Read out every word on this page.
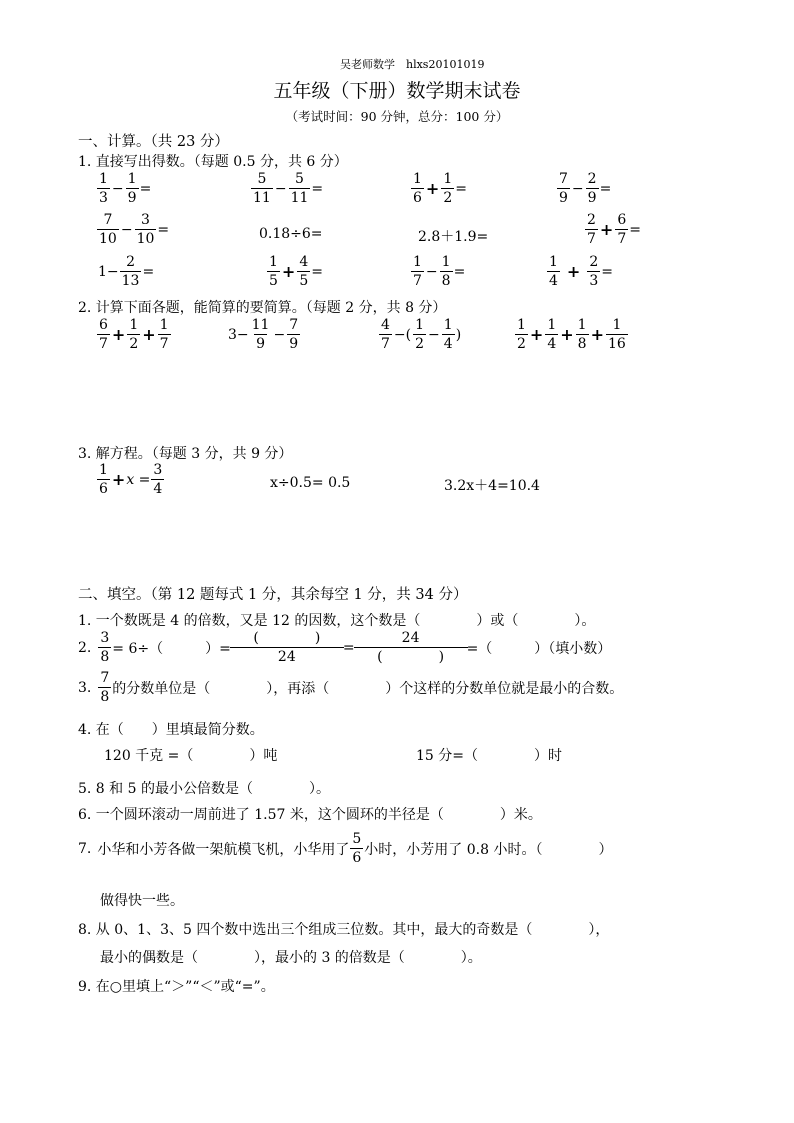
吴老师数学　hlxs20101019
五年级（下册）数学期末试卷
（考试时间：90 分钟，总分：100 分）
一、计算。（共 23 分）
1. 直接写出得数。（每题 0.5 分，共 6 分）
$\frac{1}{3} - \frac{1}{9}$ =	$\frac{5}{11} - \frac{5}{11}$ =	$\frac{1}{6} + \frac{1}{2}$ =	$\frac{7}{9} - \frac{2}{9}$ =
$\frac{7}{10} - \frac{3}{10}$ =	0.18÷6=	2.8＋1.9=	$\frac{2}{7} + \frac{6}{7}$ =
$1- \frac{2}{13}$ =	$\frac{1}{5} + \frac{4}{5}$ =	$\frac{1}{7} - \frac{1}{8}$ =	$\frac{1}{4} + \frac{2}{3}$ =
2. 计算下面各题，能简算的要简算。（每题 2 分，共 8 分）
$\frac{6}{7} + \frac{1}{2} + \frac{1}{7}$	$3- \frac{11}{9} - \frac{7}{9}$	$\frac{4}{7}$ −( $\frac{1}{2} - \frac{1}{4}$ )	$\frac{1}{2} + \frac{1}{4} + \frac{1}{8} + \frac{1}{16}$
3. 解方程。（每题 3 分，共 9 分）
$\frac{1}{6} + x = \frac{3}{4}$	x÷0.5= 0.5	3.2x＋4=10.4
二、填空。（第 12 题每式 1 分，其余每空 1 分，共 34 分）
1. 一个数既是 4 的倍数，又是 12 的因数，这个数是（　　　　）或（　　　　）。
2. $\frac{3}{8} = 6\div$（　　　）= $\frac{( )}{24} = \frac{24}{( )}$ =（　　　）（填小数）
3. $\frac{7}{8}$ 的分数单位是（　　　　），再添（　　　　）个这样的分数单位就是最小的合数。
4. 在（　　）里填最简分数。
120 千克 =（　　　　）吨	15 分=（　　　　）时
5. 8 和 5 的最小公倍数是（　　　　）。
6. 一个圆环滚动一周前进了 1.57 米，这个圆环的半径是（　　　　）米。
7. 小华和小芳各做一架航模飞机，小华用了 $\frac{5}{6}$ 小时，小芳用了 0.8 小时。（　　　　）
做得快一些。
8. 从 0、1、3、5 四个数中选出三个组成三位数。其中，最大的奇数是（　　　　），
最小的偶数是（　　　　），最小的 3 的倍数是（　　　　）。
9. 在○里填上“＞”“＜”或“=”。
